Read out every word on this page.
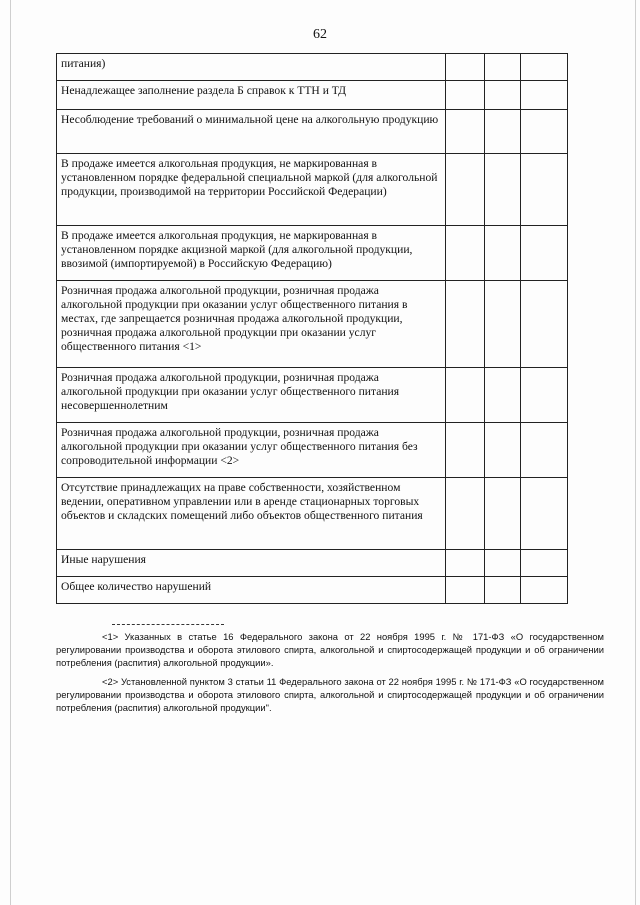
62
питания)			
Ненадлежащее заполнение раздела Б справок к ТТН и ТД			
Несоблюдение требований о минимальной цене на алкогольную продукцию			
В продаже имеется алкогольная продукция, не маркированная в установленном порядке федеральной специальной маркой (для алкогольной продукции, производимой на территории Российской Федерации)			
В продаже имеется алкогольная продукция, не маркированная в установленном порядке акцизной маркой (для алкогольной продукции, ввозимой (импортируемой) в Российскую Федерацию)			
Розничная продажа алкогольной продукции, розничная продажа алкогольной продукции при оказании услуг общественного питания в местах, где запрещается розничная продажа алкогольной продукции, розничная продажа алкогольной продукции при оказании услуг общественного питания <1>			
Розничная продажа алкогольной продукции, розничная продажа алкогольной продукции при оказании услуг общественного питания несовершеннолетним			
Розничная продажа алкогольной продукции, розничная продажа алкогольной продукции при оказании услуг общественного питания без сопроводительной информации <2>			
Отсутствие принадлежащих на праве собственности, хозяйственном ведении, оперативном управлении или в аренде стационарных торговых объектов и складских помещений либо объектов общественного питания			
Иные нарушения			
Общее количество нарушений			
<1> Указанных в статье 16 Федерального закона от 22 ноября 1995 г. № 171-ФЗ «О государственном регулировании производства и оборота этилового спирта, алкогольной и спиртосодержащей продукции и об ограничении потребления (распития) алкогольной продукции».
<2> Установленной пунктом 3 статьи 11 Федерального закона от 22 ноября 1995 г. № 171-ФЗ «О государственном регулировании производства и оборота этилового спирта, алкогольной и спиртосодержащей продукции и об ограничении потребления (распития) алкогольной продукции".
